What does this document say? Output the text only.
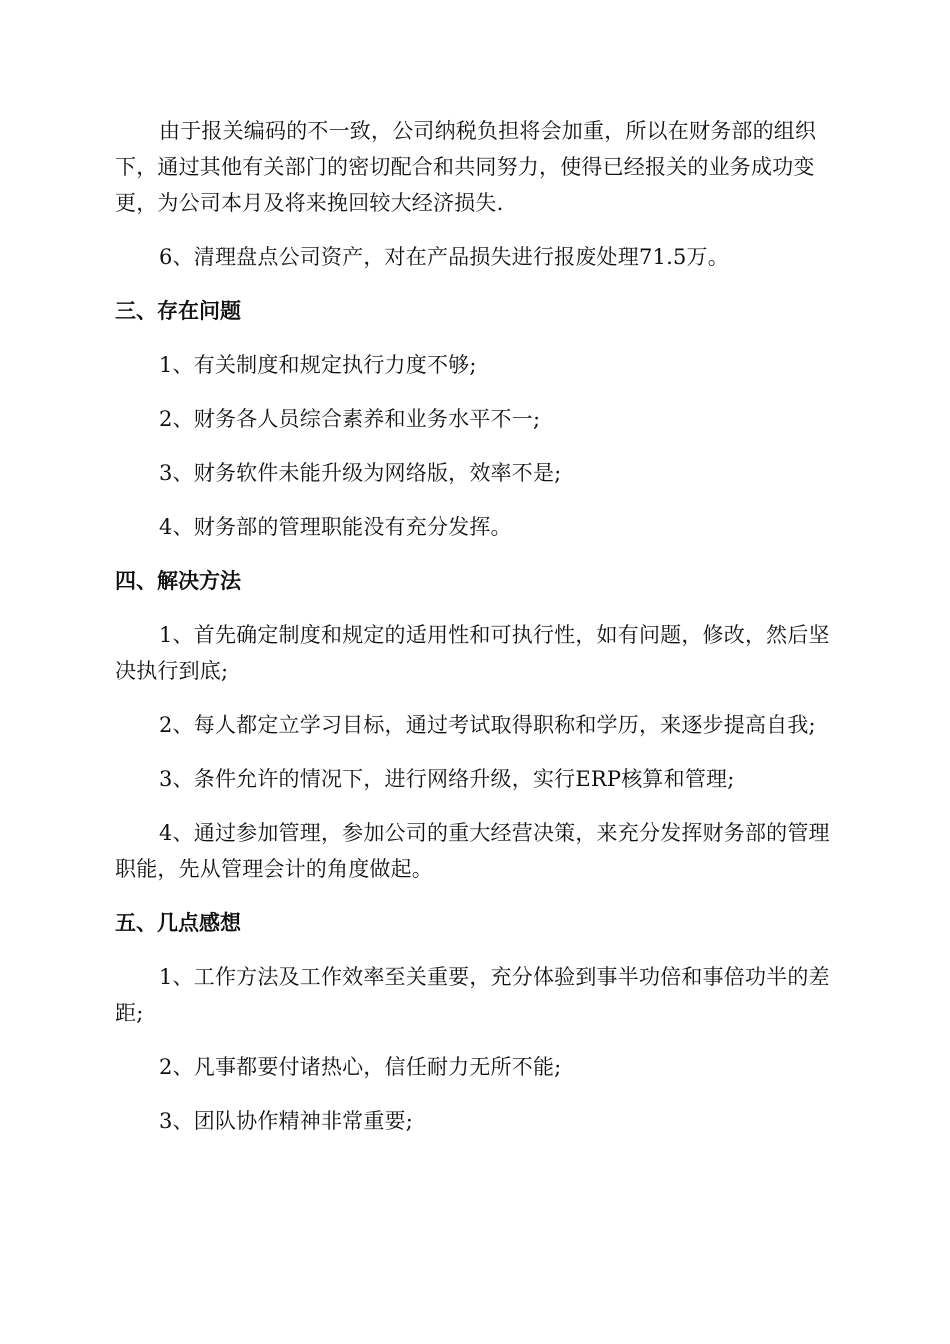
由于报关编码的不一致，公司纳税负担将会加重，所以在财务部的组织下，通过其他有关部门的密切配合和共同努力，使得已经报关的业务成功变更，为公司本月及将来挽回较大经济损失.

6、清理盘点公司资产，对在产品损失进行报废处理71.5万。

三、存在问题

1、有关制度和规定执行力度不够;

2、财务各人员综合素养和业务水平不一;

3、财务软件未能升级为网络版，效率不是;

4、财务部的管理职能没有充分发挥。

四、解决方法

1、首先确定制度和规定的适用性和可执行性，如有问题，修改，然后坚决执行到底;

2、每人都定立学习目标，通过考试取得职称和学历，来逐步提高自我;

3、条件允许的情况下，进行网络升级，实行ERP核算和管理;

4、通过参加管理，参加公司的重大经营决策，来充分发挥财务部的管理职能，先从管理会计的角度做起。

五、几点感想

1、工作方法及工作效率至关重要，充分体验到事半功倍和事倍功半的差距;

2、凡事都要付诸热心，信任耐力无所不能;

3、团队协作精神非常重要;
